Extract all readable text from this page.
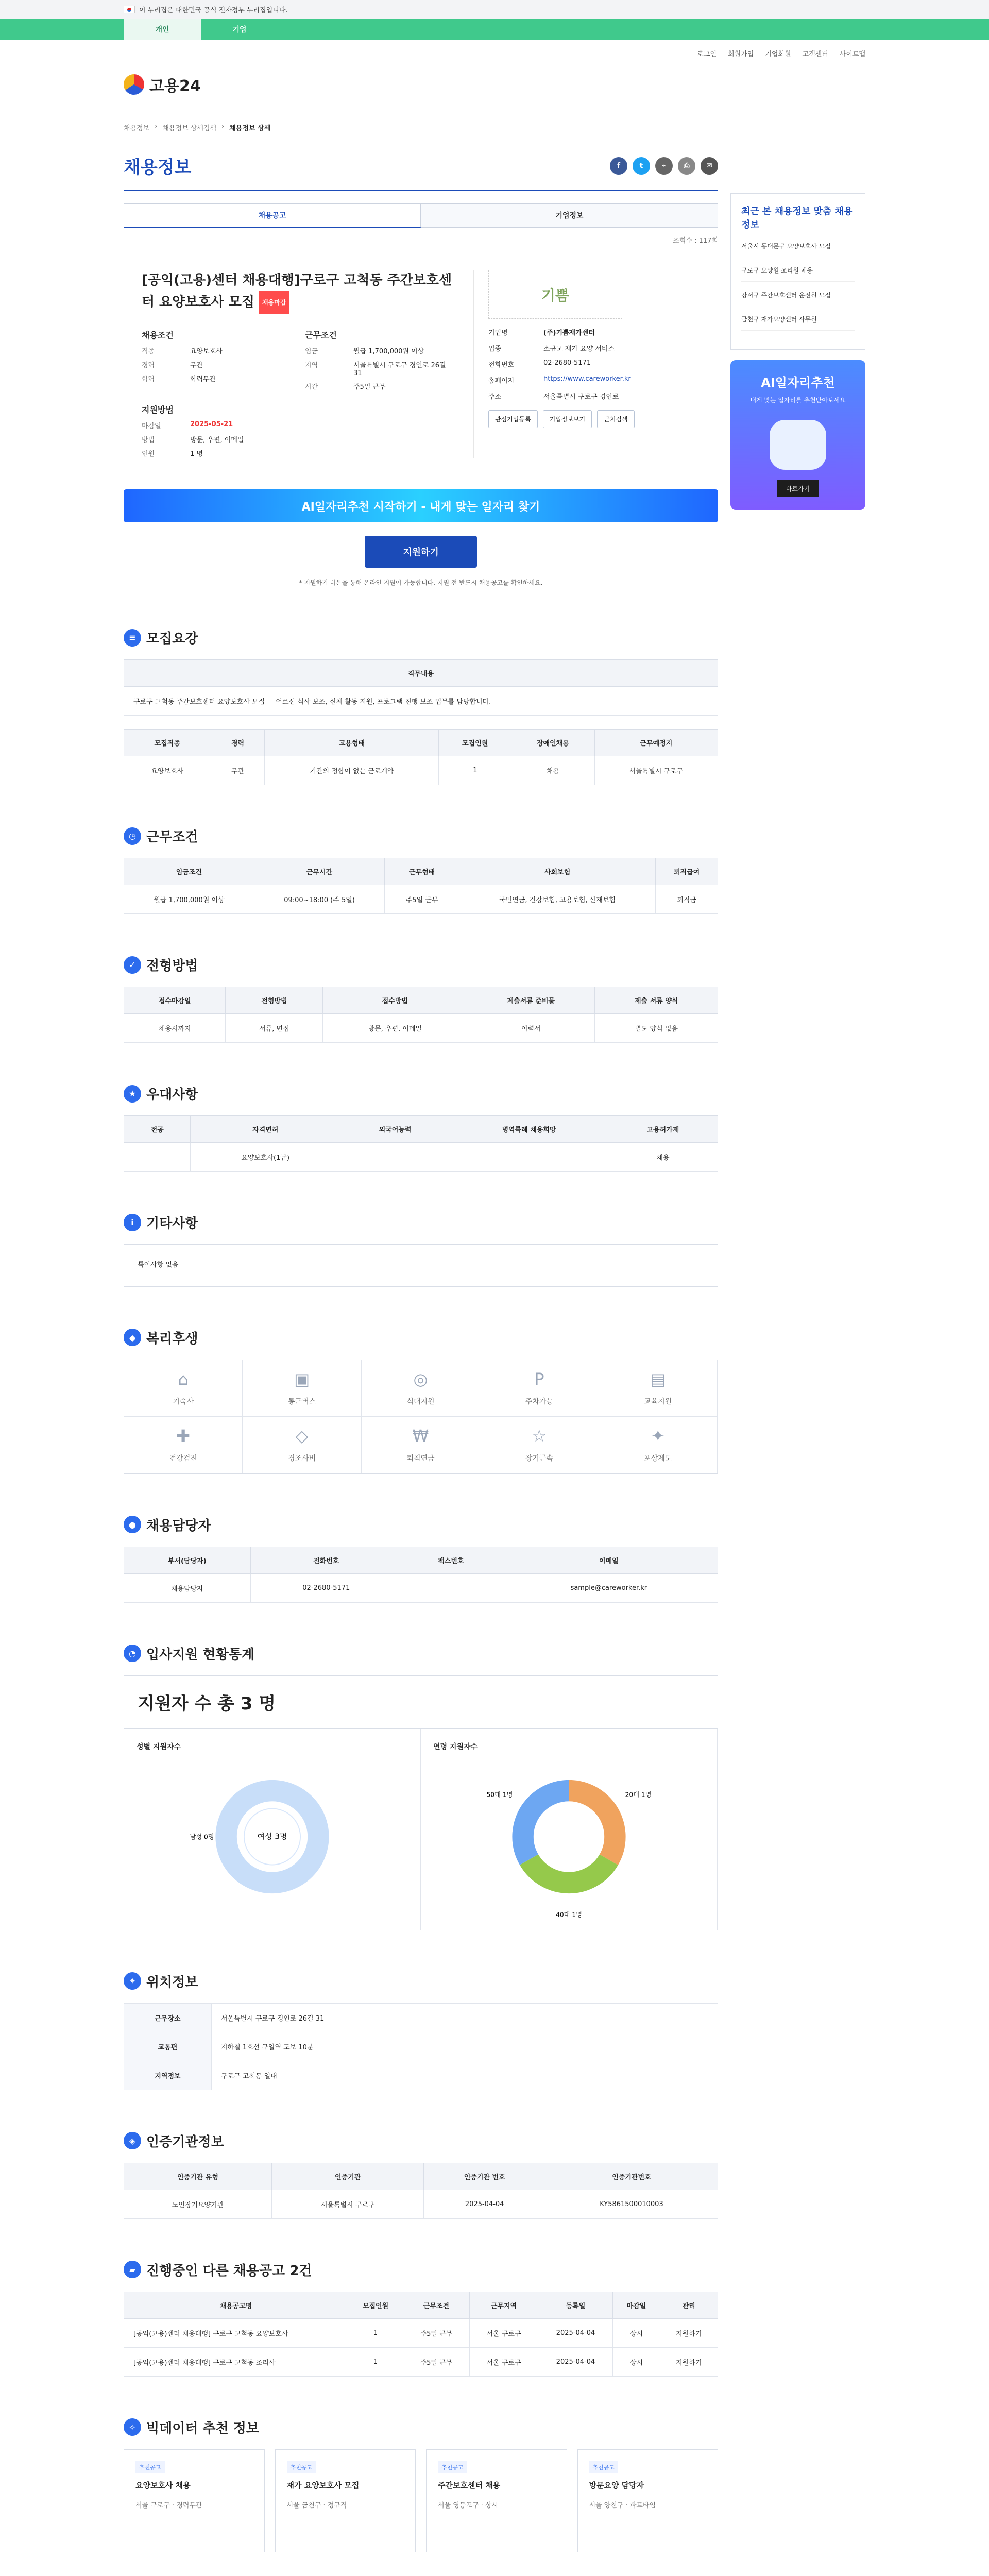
이 누리집은 대한민국 공식 전자정부 누리집입니다.
개인	기업
로그인 회원가입 기업회원 고객센터 사이트맵
고용24
채용정보 › 채용정보 상세검색 › 채용정보 상세
채용정보	f	t	⌁	⎙	✉
채용공고	기업정보
조회수 : 117회
[공익(고용)센터 채용대행]구로구 고척동 주간보호센터 요양보호사 모집 채용마감
채용조건
직종	요양보호사
경력	무관
학력	학력무관
근무조건
임금	월급 1,700,000원 이상
지역	서울특별시 구로구 경인로 26길 31
시간	주5일 근무
지원방법
마감일	2025-05-21
방법	방문, 우편, 이메일
인원	1 명
기쁨
기업명	(주)기쁨재가센터
업종	소규모 재가 요양 서비스
전화번호	02-2680-5171
홈페이지	https://www.careworker.kr
주소	서울특별시 구로구 경인로
관심기업등록	기업정보보기	근처검색
AI일자리추천 시작하기 - 내게 맞는 일자리 찾기
지원하기
* 지원하기 버튼을 통해 온라인 지원이 가능합니다. 지원 전 반드시 채용공고를 확인하세요.
≡ 모집요강
직무내용
구로구 고척동 주간보호센터 요양보호사 모집 — 어르신 식사 보조, 신체 활동 지원, 프로그램 진행 보조 업무를 담당합니다.
모집직종	경력	고용형태	모집인원	장애인채용	근무예정지
요양보호사	무관	기간의 정함이 없는 근로계약	1	채용	서울특별시 구로구
◷ 근무조건
임금조건	근무시간	근무형태	사회보험	퇴직급여
월급 1,700,000원 이상	09:00~18:00 (주 5일)	주5일 근무	국민연금, 건강보험, 고용보험, 산재보험	퇴직금
✓ 전형방법
접수마감일	전형방법	접수방법	제출서류 준비물	제출 서류 양식
채용시까지	서류, 면접	방문, 우편, 이메일	이력서	별도 양식 없음
★ 우대사항
전공	자격면허	외국어능력	병역특례 채용희망	고용허가제
	요양보호사(1급)			채용
i 기타사항
특이사항 없음
◆ 복리후생
⌂
기숙사
▣
통근버스
◎
식대지원
P
주차가능
▤
교육지원
✚
건강검진
◇
경조사비
₩
퇴직연금
☆
장기근속
✦
포상제도
● 채용담당자
부서(담당자)	전화번호	팩스번호	이메일
채용담당자	02-2680-5171		sample@careworker.kr
◔ 입사지원 현황통계
지원자 수 총 3 명
성별 지원자수
여성 3명
남성 0명
연령 지원자수
20대 1명
40대 1명
50대 1명
⌖ 위치정보
근무장소	서울특별시 구로구 경인로 26길 31
교통편	지하철 1호선 구일역 도보 10분
지역정보	구로구 고척동 일대
◈ 인증기관정보
인증기관 유형	인증기관	인증기관 번호	인증기관번호
노인장기요양기관	서울특별시 구로구	2025-04-04	KY5861500010003
▰ 진행중인 다른 채용공고 2건
채용공고명	모집인원	근무조건	근무지역	등록일	마감일	관리
[공익(고용)센터 채용대행] 구로구 고척동 요양보호사	1	주5일 근무	서울 구로구	2025-04-04	상시	지원하기
[공익(고용)센터 채용대행] 구로구 고척동 조리사	1	주5일 근무	서울 구로구	2025-04-04	상시	지원하기
✧ 빅데이터 추천 정보
추천공고
요양보호사 채용

서울 구로구 · 경력무관

추천공고
재가 요양보호사 모집

서울 금천구 · 정규직

추천공고
주간보호센터 채용

서울 영등포구 · 상시

추천공고
방문요양 담당자

서울 양천구 · 파트타임

최근 본 채용정보 맞춤 채용정보
서울시 동대문구 요양보호사 모집
구로구 요양원 조리원 채용
강서구 주간보호센터 운전원 모집
금천구 재가요양센터 사무원
AI일자리추천
내게 맞는 일자리를 추천받아보세요
바로가기
